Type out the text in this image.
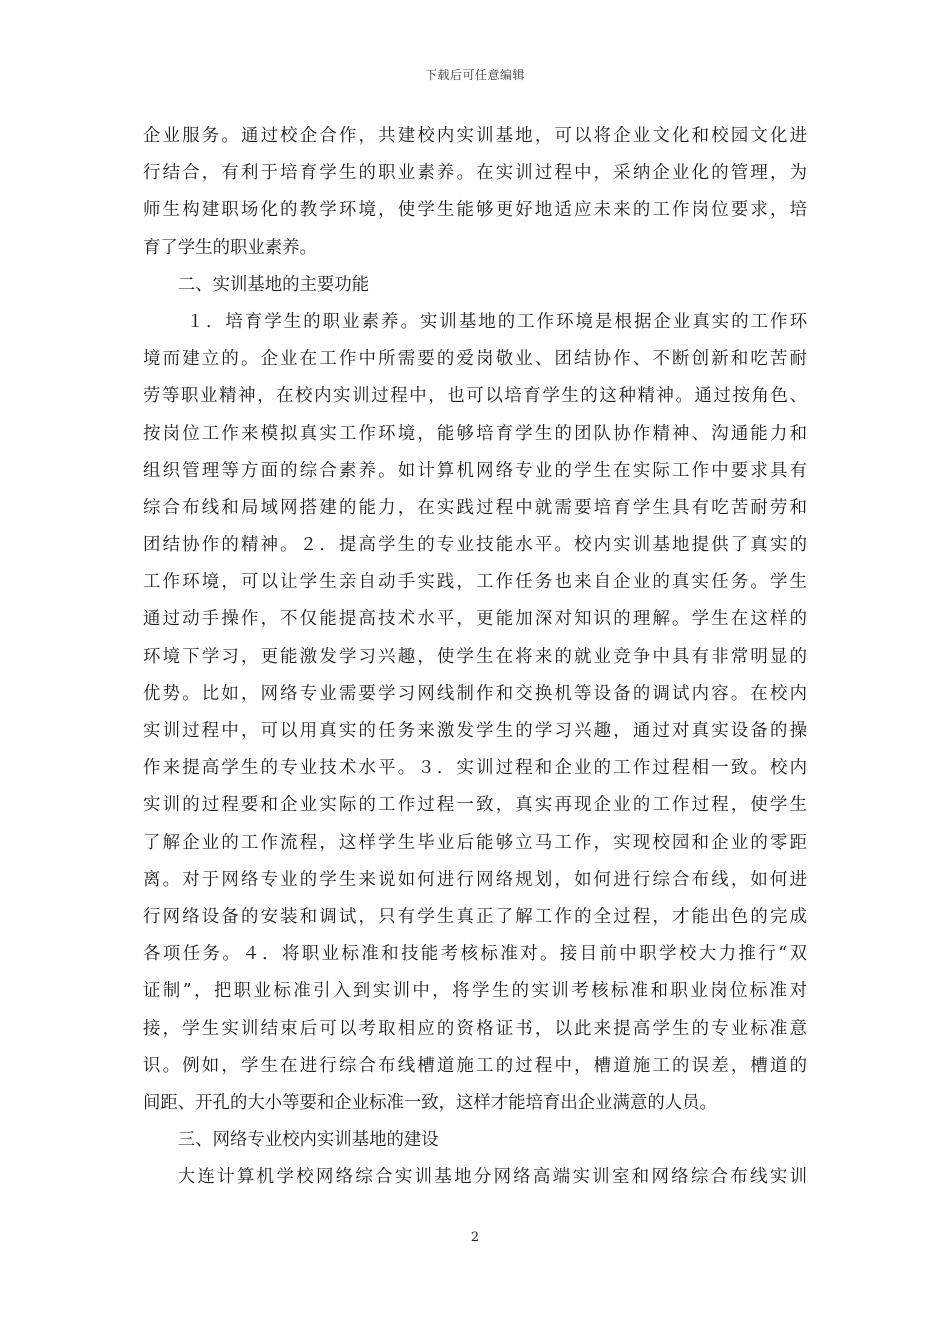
下载后可任意编辑
企业服务。通过校企合作，共建校内实训基地，可以将企业文化和校园文化进
行结合，有利于培育学生的职业素养。在实训过程中，采纳企业化的管理，为
师生构建职场化的教学环境，使学生能够更好地适应未来的工作岗位要求，培
育了学生的职业素养。
二、实训基地的主要功能
１．培育学生的职业素养。实训基地的工作环境是根据企业真实的工作环
境而建立的。企业在工作中所需要的爱岗敬业、团结协作、不断创新和吃苦耐
劳等职业精神，在校内实训过程中，也可以培育学生的这种精神。通过按角色、
按岗位工作来模拟真实工作环境，能够培育学生的团队协作精神、沟通能力和
组织管理等方面的综合素养。如计算机网络专业的学生在实际工作中要求具有
综合布线和局域网搭建的能力，在实践过程中就需要培育学生具有吃苦耐劳和
团结协作的精神。２．提高学生的专业技能水平。校内实训基地提供了真实的
工作环境，可以让学生亲自动手实践，工作任务也来自企业的真实任务。学生
通过动手操作，不仅能提高技术水平，更能加深对知识的理解。学生在这样的
环境下学习，更能激发学习兴趣，使学生在将来的就业竞争中具有非常明显的
优势。比如，网络专业需要学习网线制作和交换机等设备的调试内容。在校内
实训过程中，可以用真实的任务来激发学生的学习兴趣，通过对真实设备的操
作来提高学生的专业技术水平。３．实训过程和企业的工作过程相一致。校内
实训的过程要和企业实际的工作过程一致，真实再现企业的工作过程，使学生
了解企业的工作流程，这样学生毕业后能够立马工作，实现校园和企业的零距
离。对于网络专业的学生来说如何进行网络规划，如何进行综合布线，如何进
行网络设备的安装和调试，只有学生真正了解工作的全过程，才能出色的完成
各项任务。４．将职业标准和技能考核标准对。接目前中职学校大力推行“双
证制”，把职业标准引入到实训中，将学生的实训考核标准和职业岗位标准对
接，学生实训结束后可以考取相应的资格证书，以此来提高学生的专业标准意
识。例如，学生在进行综合布线槽道施工的过程中，槽道施工的误差，槽道的
间距、开孔的大小等要和企业标准一致，这样才能培育出企业满意的人员。
三、网络专业校内实训基地的建设
大连计算机学校网络综合实训基地分网络高端实训室和网络综合布线实训
2
